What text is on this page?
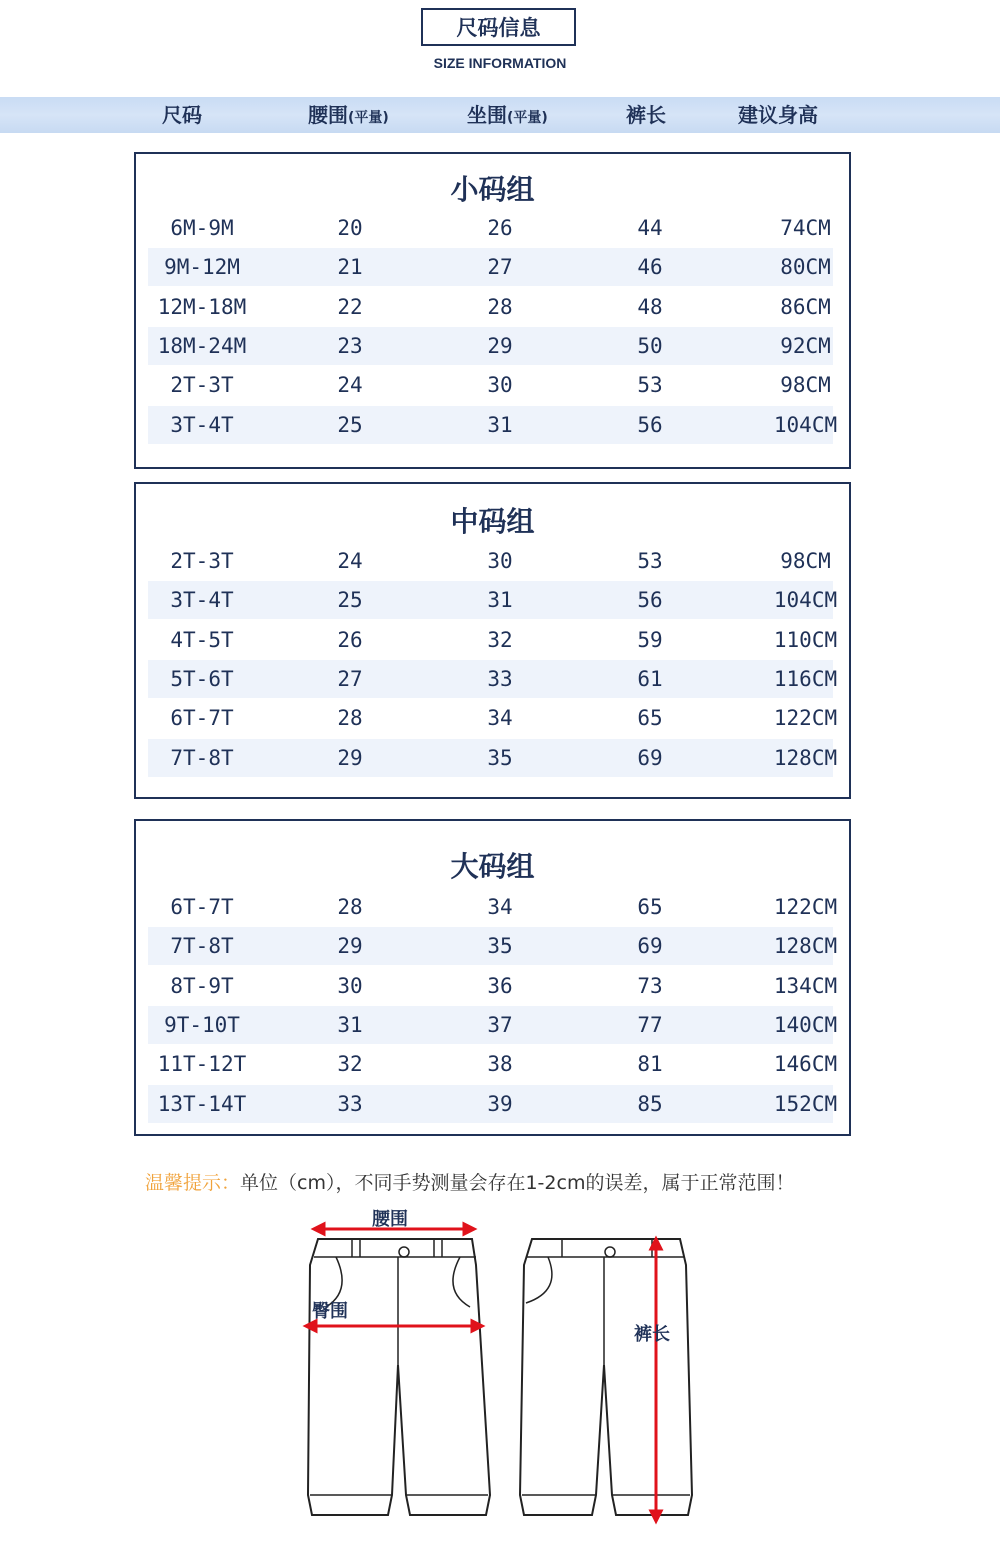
尺码信息
SIZE INFORMATION
尺码	腰围(平量)	坐围(平量)	裤长	建议身高
小码组
6M-9M	20	26	44	74CM
9M-12M	21	27	46	80CM
12M-18M	22	28	48	86CM
18M-24M	23	29	50	92CM
2T-3T	24	30	53	98CM
3T-4T	25	31	56	104CM
中码组
2T-3T	24	30	53	98CM
3T-4T	25	31	56	104CM
4T-5T	26	32	59	110CM
5T-6T	27	33	61	116CM
6T-7T	28	34	65	122CM
7T-8T	29	35	69	128CM
大码组
6T-7T	28	34	65	122CM
7T-8T	29	35	69	128CM
8T-9T	30	36	73	134CM
9T-10T	31	37	77	140CM
11T-12T	32	38	81	146CM
13T-14T	33	39	85	152CM
温馨提示：单位（cm），不同手势测量会存在1-2cm的误差，属于正常范围！
腰围
臀围
裤长
